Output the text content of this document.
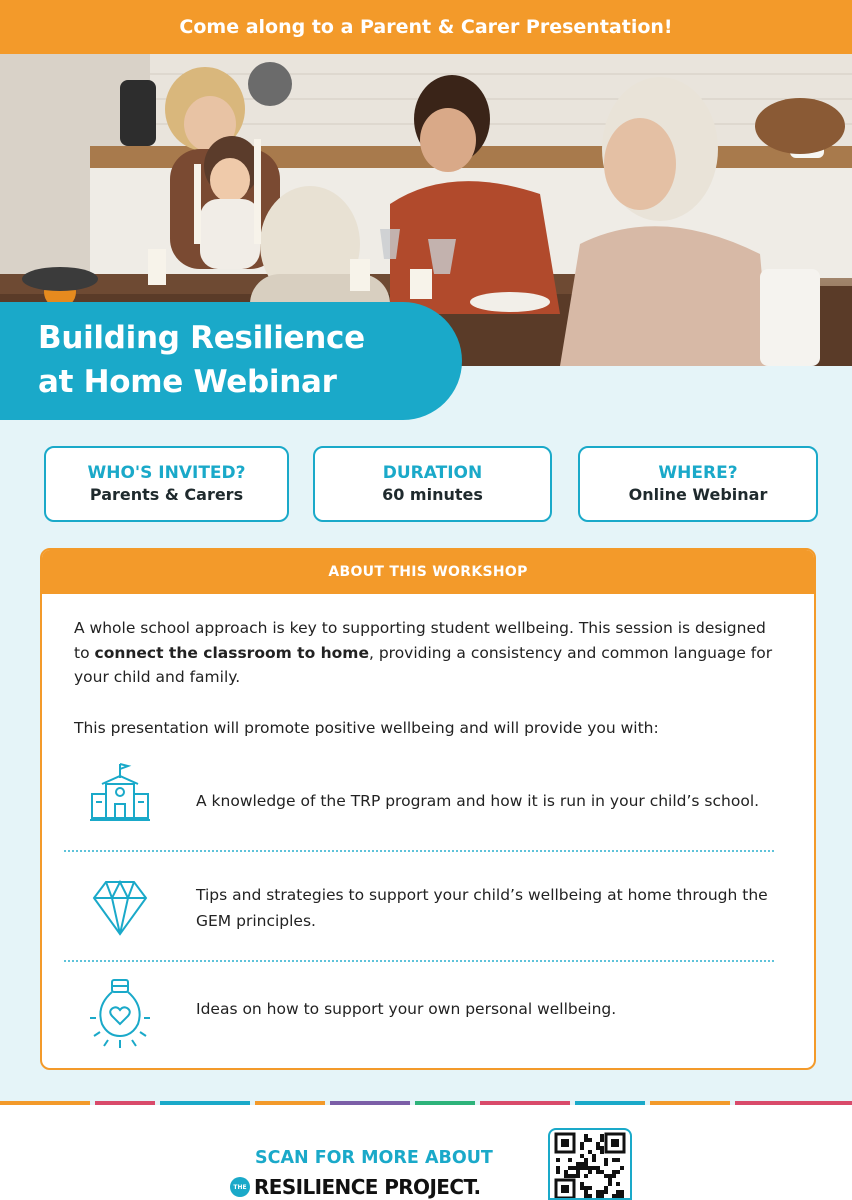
Come along to a Parent & Carer Presentation!
Building Resilience
at Home Webinar
WHO'S INVITED?
Parents & Carers
DURATION
60 minutes
WHERE?
Online Webinar
ABOUT THIS WORKSHOP

A whole school approach is key to supporting student wellbeing. This session is designed to connect the classroom to home, providing a consistency and common language for your child and family.

This presentation will promote positive wellbeing and will provide you with:

A knowledge of the TRP program and how it is run in your child’s school.

Tips and strategies to support your child’s wellbeing at home through the GEM principles.

Ideas on how to support your own personal wellbeing.

SCAN FOR MORE ABOUT
THE RESILIENCE PROJECT.
